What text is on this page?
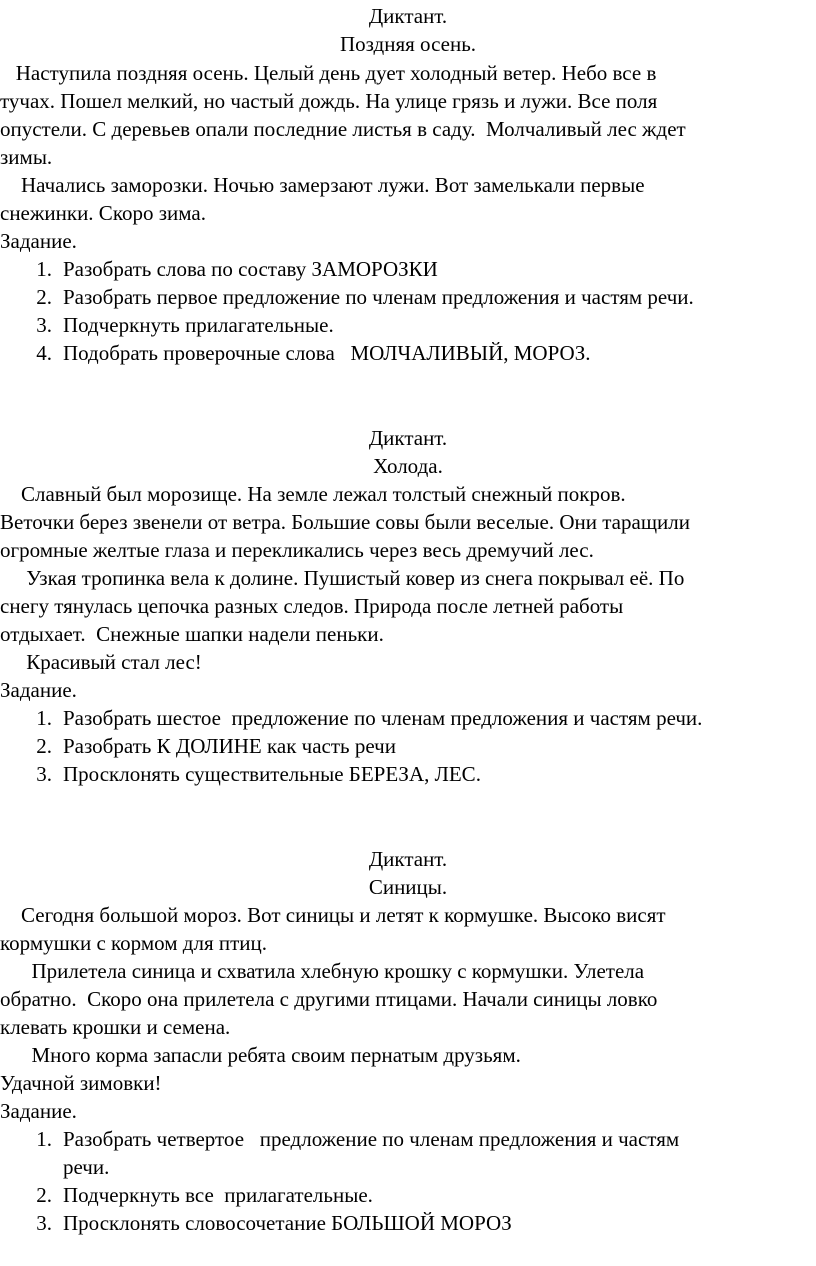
Диктант.
Поздняя осень.
Наступила поздняя осень. Целый день дует холодный ветер. Небо все в
тучах. Пошел мелкий, но частый дождь. На улице грязь и лужи. Все поля
опустели. С деревьев опали последние листья в саду.  Молчаливый лес ждет
зимы.
Начались заморозки. Ночью замерзают лужи. Вот замелькали первые
снежинки. Скоро зима.
Задание.
1. Разобрать слова по составу ЗАМОРОЗКИ
2. Разобрать первое предложение по членам предложения и частям речи.
3. Подчеркнуть прилагательные.
4. Подобрать проверочные слова   МОЛЧАЛИВЫЙ, МОРОЗ.
Диктант.
Холода.
Славный был морозище. На земле лежал толстый снежный покров.
Веточки берез звенели от ветра. Большие совы были веселые. Они таращили
огромные желтые глаза и перекликались через весь дремучий лес.
Узкая тропинка вела к долине. Пушистый ковер из снега покрывал её. По
снегу тянулась цепочка разных следов. Природа после летней работы
отдыхает.  Снежные шапки надели пеньки.
Красивый стал лес!
Задание.
1. Разобрать шестое  предложение по членам предложения и частям речи.
2. Разобрать К ДОЛИНЕ как часть речи
3. Просклонять существительные БЕРЕЗА, ЛЕС.
Диктант.
Синицы.
Сегодня большой мороз. Вот синицы и летят к кормушке. Высоко висят
кормушки с кормом для птиц.
Прилетела синица и схватила хлебную крошку с кормушки. Улетела
обратно.  Скоро она прилетела с другими птицами. Начали синицы ловко
клевать крошки и семена.
Много корма запасли ребята своим пернатым друзьям.
Удачной зимовки!
Задание.
1. Разобрать четвертое   предложение по членам предложения и частям
речи.
2. Подчеркнуть все  прилагательные.
3. Просклонять словосочетание БОЛЬШОЙ МОРОЗ
